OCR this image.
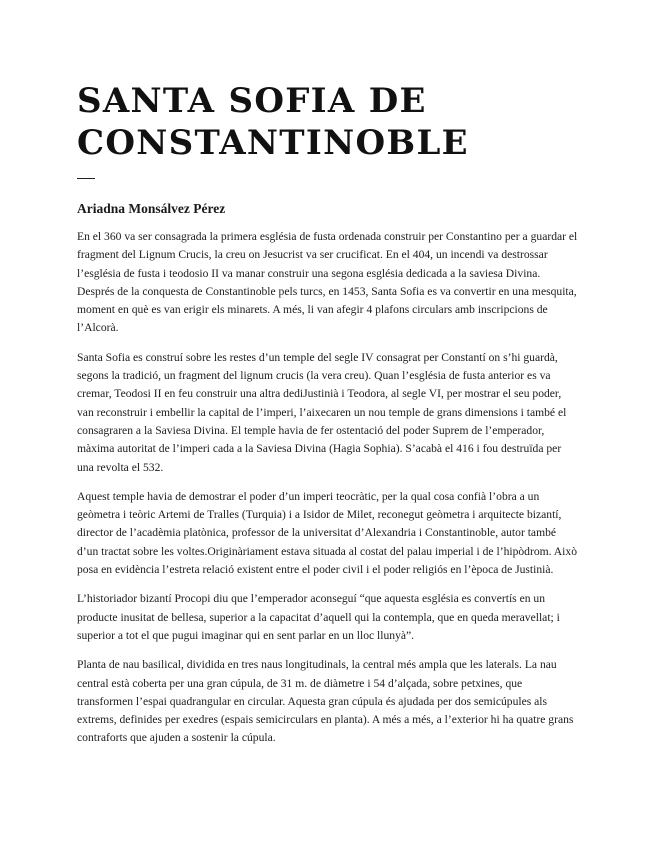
SANTA SOFIA DE CONSTANTINOBLE
Ariadna Monsálvez Pérez

En el 360 va ser consagrada la primera església de fusta ordenada construir per Constantino per a guardar el fragment del Lignum Crucis, la creu on Jesucrist va ser crucificat. En el 404, un incendi va destrossar l’església de fusta i teodosio II va manar construir una segona església dedicada a la saviesa Divina. Després de la conquesta de Constantinoble pels turcs, en 1453, Santa Sofia es va convertir en una mesquita, moment en què es van erigir els minarets. A més, li van afegir 4 plafons circulars amb inscripcions de l’Alcorà.

Santa Sofia es construí sobre les restes d’un temple del segle IV consagrat per Constantí on s’hi guardà, segons la tradició, un fragment del lignum crucis (la vera creu). Quan l’església de fusta anterior es va cremar, Teodosi II en feu construir una altra dediJustinià i Teodora, al segle VI, per mostrar el seu poder, van reconstruir i embellir la capital de l’imperi, l’aixecaren un nou temple de grans dimensions i també el consagraren a la Saviesa Divina. El temple havia de fer ostentació del poder Suprem de l’emperador, màxima autoritat de l’imperi cada a la Saviesa Divina (Hagia Sophia). S’acabà el 416 i fou destruïda per una revolta el 532.

Aquest temple havia de demostrar el poder d’un imperi teocràtic, per la qual cosa confià l’obra a un geòmetra i teòric Artemi de Tralles (Turquia) i a Isidor de Milet, reconegut geòmetra i arquitecte bizantí, director de l’acadèmia platònica, professor de la universitat d’Alexandria i Constantinoble, autor també d’un tractat sobre les voltes.Originàriament estava situada al costat del palau imperial i de l’hipòdrom. Això posa en evidència l’estreta relació existent entre el poder civil i el poder religiós en l’època de Justinià.

L’historiador bizantí Procopi diu que l’emperador aconseguí “que aquesta església es convertís en un producte inusitat de bellesa, superior a la capacitat d’aquell qui la contempla, que en queda meravellat; i superior a tot el que pugui imaginar qui en sent parlar en un lloc llunyà”.

Planta de nau basilical, dividida en tres naus longitudinals, la central més ampla que les laterals. La nau central està coberta per una gran cúpula, de 31 m. de diàmetre i 54 d’alçada, sobre petxines, que transformen l’espai quadrangular en circular. Aquesta gran cúpula és ajudada per dos semicúpules als extrems, definides per exedres (espais semicirculars en planta). A més a més, a l’exterior hi ha quatre grans contraforts que ajuden a sostenir la cúpula.
